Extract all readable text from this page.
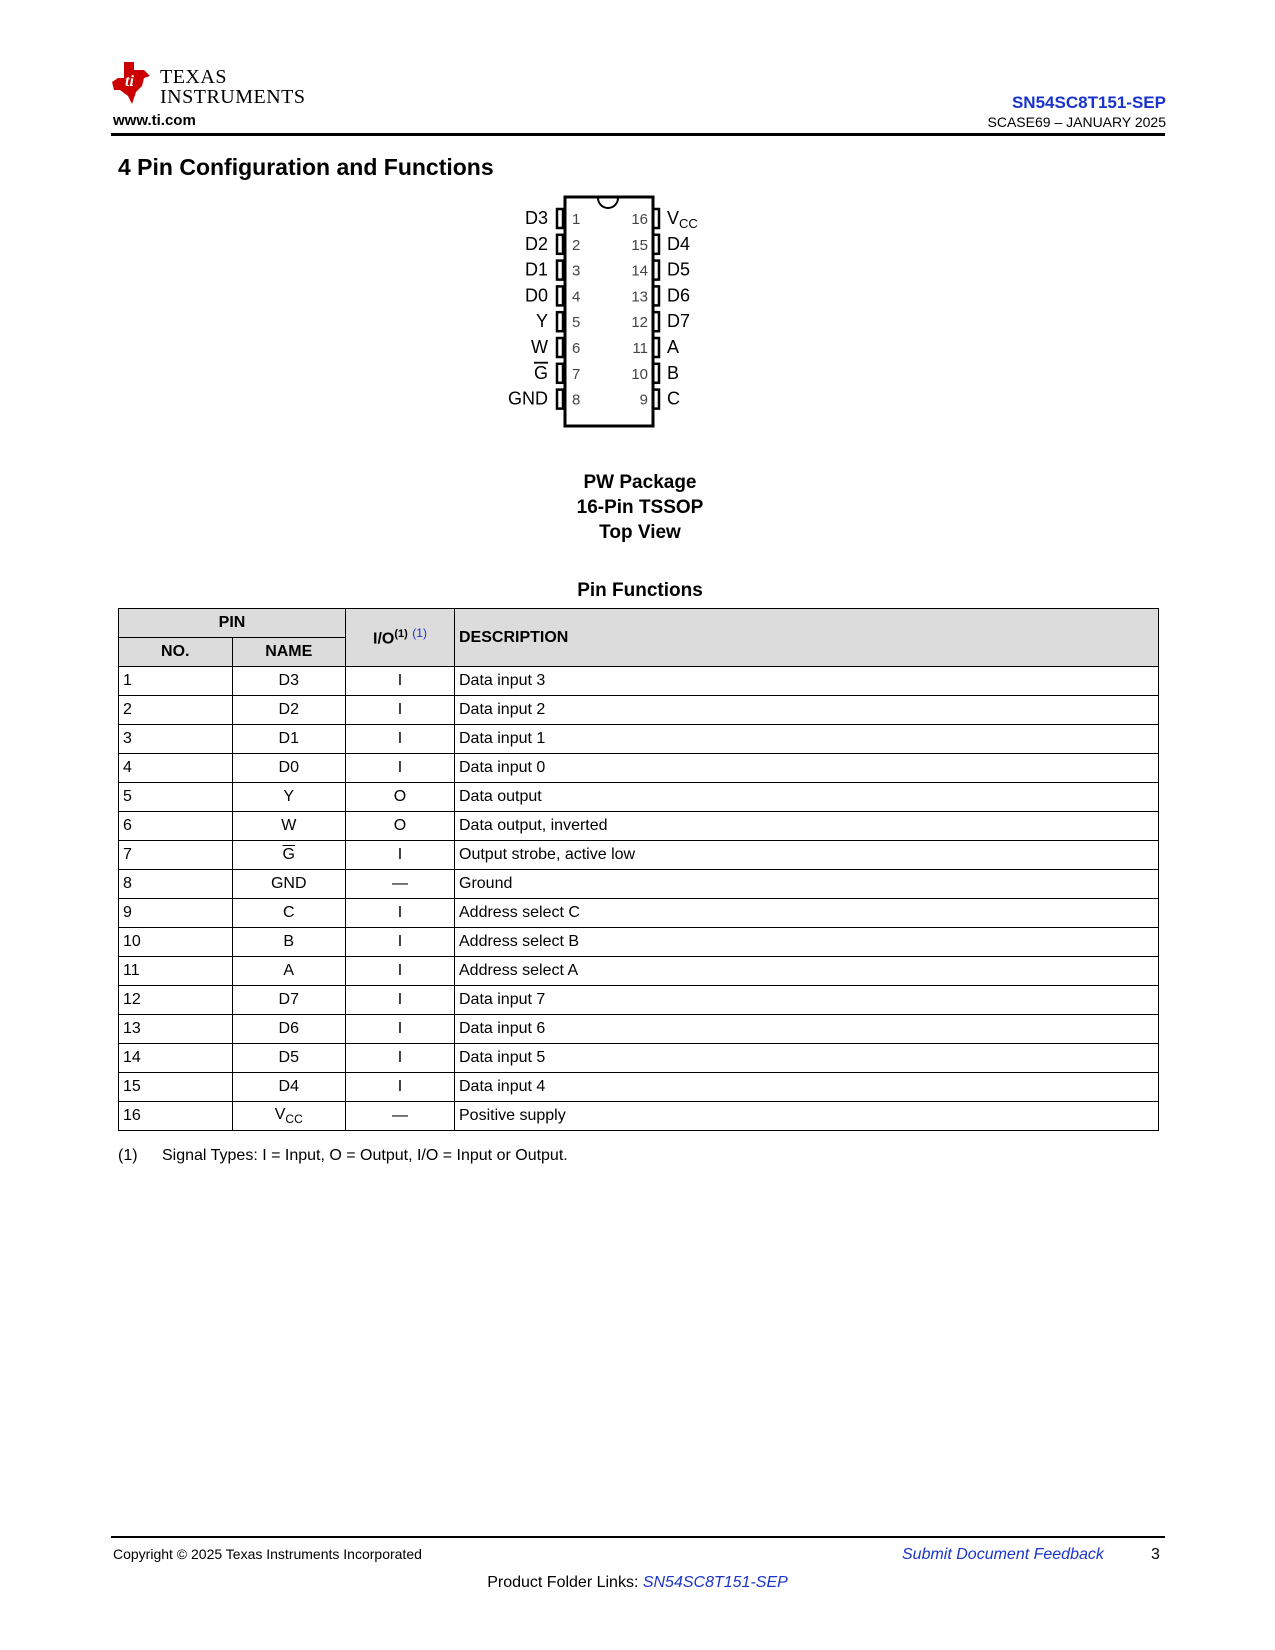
ti TEXAS
INSTRUMENTS
www.ti.com
SN54SC8T151-SEP
SCASE69 – JANUARY 2025
4 Pin Configuration and Functions
1
D3
2
D2
3
D1
4
D0
5
Y
6
W
7
G
8
GND
16 $V_{CC}$
15 D4
14 D5
13 D6
12 D7
11 A
10 B
9 C
PW Package
16-Pin TSSOP
Top View
Pin Functions
PIN		$I/O^{(1)}$ $^{(1)}$	DESCRIPTION
NO.	NAME		
1	D3	I	Data input 3
2	D2	I	Data input 2
3	D1	I	Data input 1
4	D0	I	Data input 0
5	Y	O	Data output
6	W	O	Data output, inverted
7	$\overline{G}$	I	Output strobe, active low
8	GND	—	Ground
9	C	I	Address select C
10	B	I	Address select B
11	A	I	Address select A
12	D7	I	Data input 7
13	D6	I	Data input 6
14	D5	I	Data input 5
15	D4	I	Data input 4
16	$V_{CC}$	—	Positive supply
(1) Signal Types: I = Input, O = Output, I/O = Input or Output.
Copyright © 2025 Texas Instruments Incorporated	Submit Document Feedback	3
Product Folder Links: SN54SC8T151-SEP
